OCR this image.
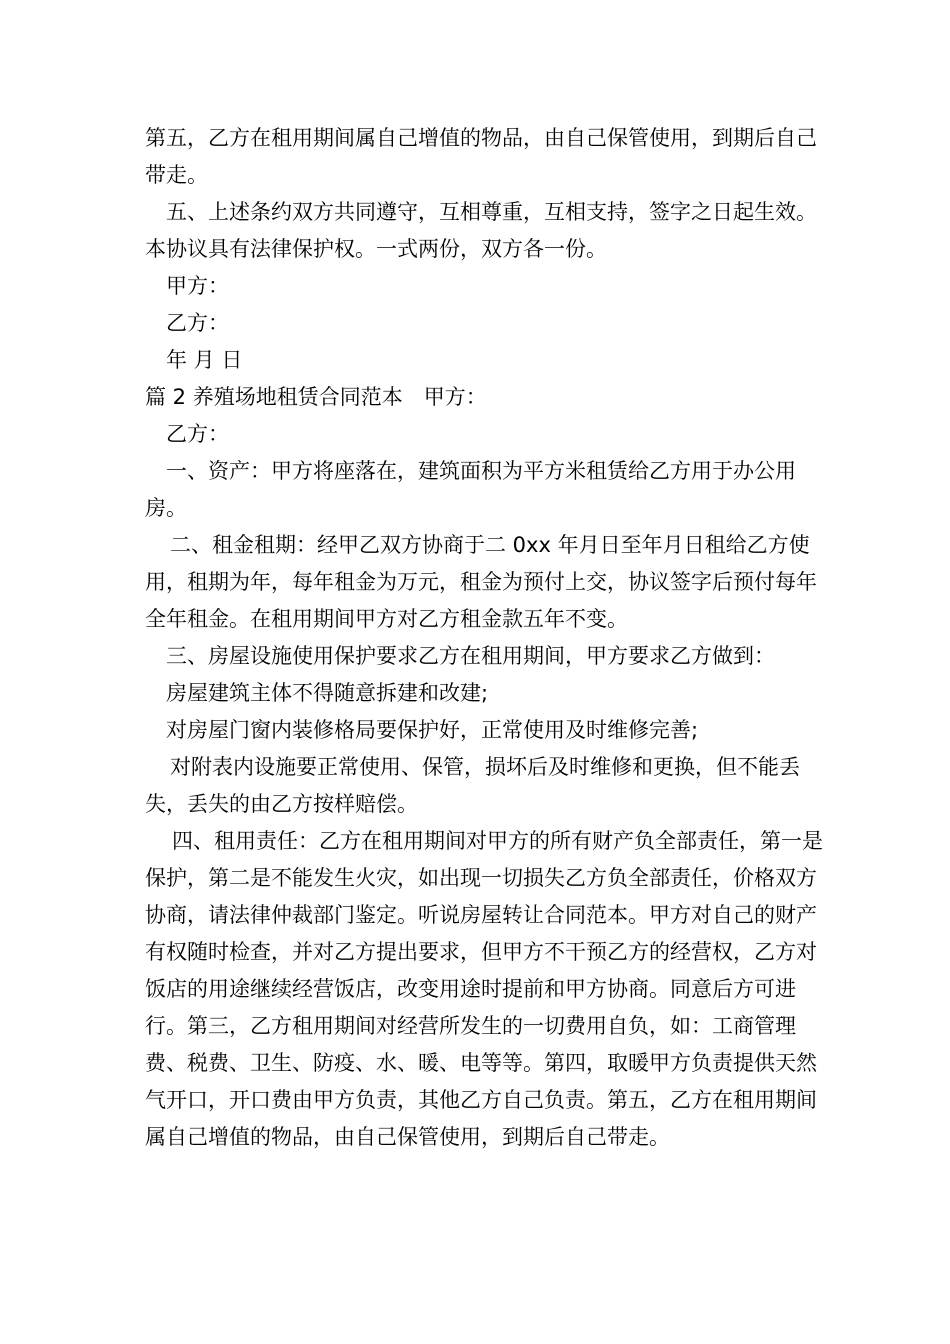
第五，乙方在租用期间属自己增值的物品，由自己保管使用，到期后自己带走。

五、上述条约双方共同遵守，互相尊重，互相支持，签字之日起生效。本协议具有法律保护权。一式两份，双方各一份。

甲方：

乙方：

年 月 日

篇 2 养殖场地租赁合同范本　甲方：

乙方：

一、资产：甲方将座落在，建筑面积为平方米租赁给乙方用于办公用房。

二、租金租期：经甲乙双方协商于二 0xx 年月日至年月日租给乙方使用，租期为年，每年租金为万元，租金为预付上交，协议签字后预付每年全年租金。在租用期间甲方对乙方租金款五年不变。

三、房屋设施使用保护要求乙方在租用期间，甲方要求乙方做到：

房屋建筑主体不得随意拆建和改建;

对房屋门窗内装修格局要保护好，正常使用及时维修完善;

对附表内设施要正常使用、保管，损坏后及时维修和更换，但不能丢失，丢失的由乙方按样赔偿。

四、租用责任：乙方在租用期间对甲方的所有财产负全部责任，第一是保护，第二是不能发生火灾，如出现一切损失乙方负全部责任，价格双方协商，请法律仲裁部门鉴定。听说房屋转让合同范本。甲方对自己的财产有权随时检查，并对乙方提出要求，但甲方不干预乙方的经营权，乙方对饭店的用途继续经营饭店，改变用途时提前和甲方协商。同意后方可进行。第三，乙方租用期间对经营所发生的一切费用自负，如：工商管理费、税费、卫生、防疫、水、暖、电等等。第四，取暖甲方负责提供天然气开口，开口费由甲方负责，其他乙方自己负责。第五，乙方在租用期间属自己增值的物品，由自己保管使用，到期后自己带走。
